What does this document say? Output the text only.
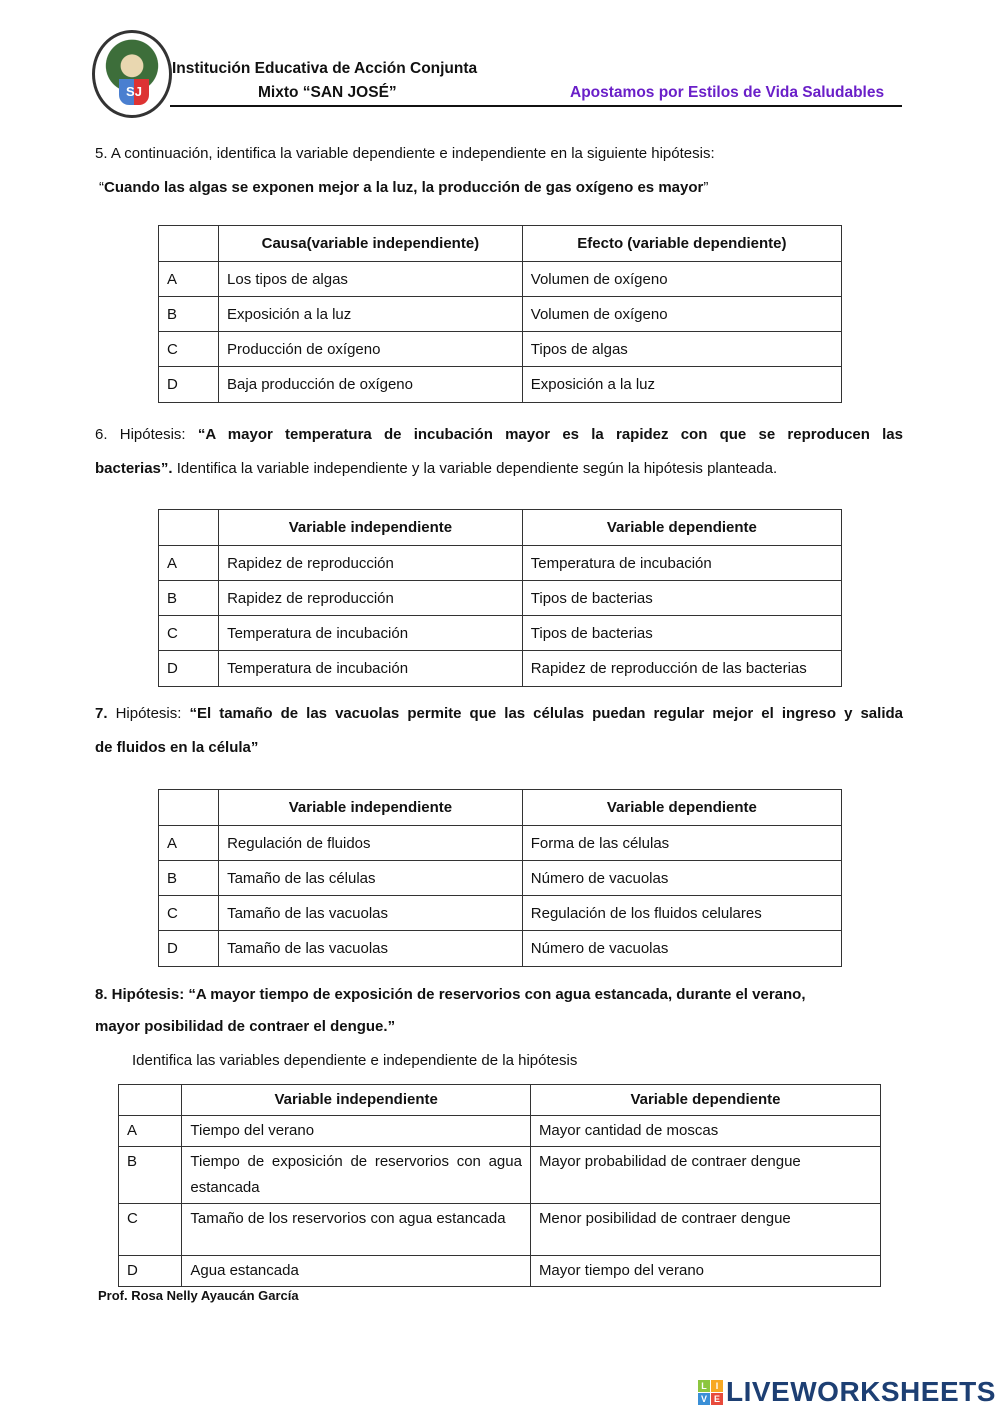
SJ
Institución Educativa de Acción Conjunta
Mixto “SAN JOSÉ”	Apostamos por Estilos de Vida Saludables
5. A continuación, identifica la variable dependiente e independiente en la siguiente hipótesis:
“Cuando las algas se exponen mejor a la luz, la producción de gas oxígeno es mayor”
	Causa(variable independiente)	Efecto (variable dependiente)
A	Los tipos de algas	Volumen de oxígeno
B	Exposición a la luz	Volumen de oxígeno
C	Producción de oxígeno	Tipos de algas
D	Baja producción de oxígeno	Exposición a la luz
6. Hipótesis: “A mayor temperatura de incubación mayor es la rapidez con que se reproducen las
bacterias”. Identifica la variable independiente y la variable dependiente según la hipótesis planteada.
	Variable independiente	Variable dependiente
A	Rapidez de reproducción	Temperatura de incubación
B	Rapidez de reproducción	Tipos de bacterias
C	Temperatura de incubación	Tipos de bacterias
D	Temperatura de incubación	Rapidez de reproducción de las bacterias
7. Hipótesis: “El tamaño de las vacuolas permite que las células puedan regular mejor el ingreso y salida
de fluidos en la célula”
	Variable independiente	Variable dependiente
A	Regulación de fluidos	Forma de las células
B	Tamaño de las células	Número de vacuolas
C	Tamaño de las vacuolas	Regulación de los fluidos celulares
D	Tamaño de las vacuolas	Número de vacuolas
8. Hipótesis: “A mayor tiempo de exposición de reservorios con agua estancada, durante el verano,
mayor posibilidad de contraer el dengue.”
Identifica las variables dependiente e independiente de la hipótesis
	Variable independiente	Variable dependiente
A	Tiempo del verano	Mayor cantidad de moscas
B	Tiempo de exposición de reservorios con agua estancada	Mayor probabilidad de contraer dengue
C	Tamaño de los reservorios con agua estancada	Menor posibilidad de contraer dengue
D	Agua estancada	Mayor tiempo del verano
Prof. Rosa Nelly Ayaucán García
L I
V E LIVEWORKSHEETS
